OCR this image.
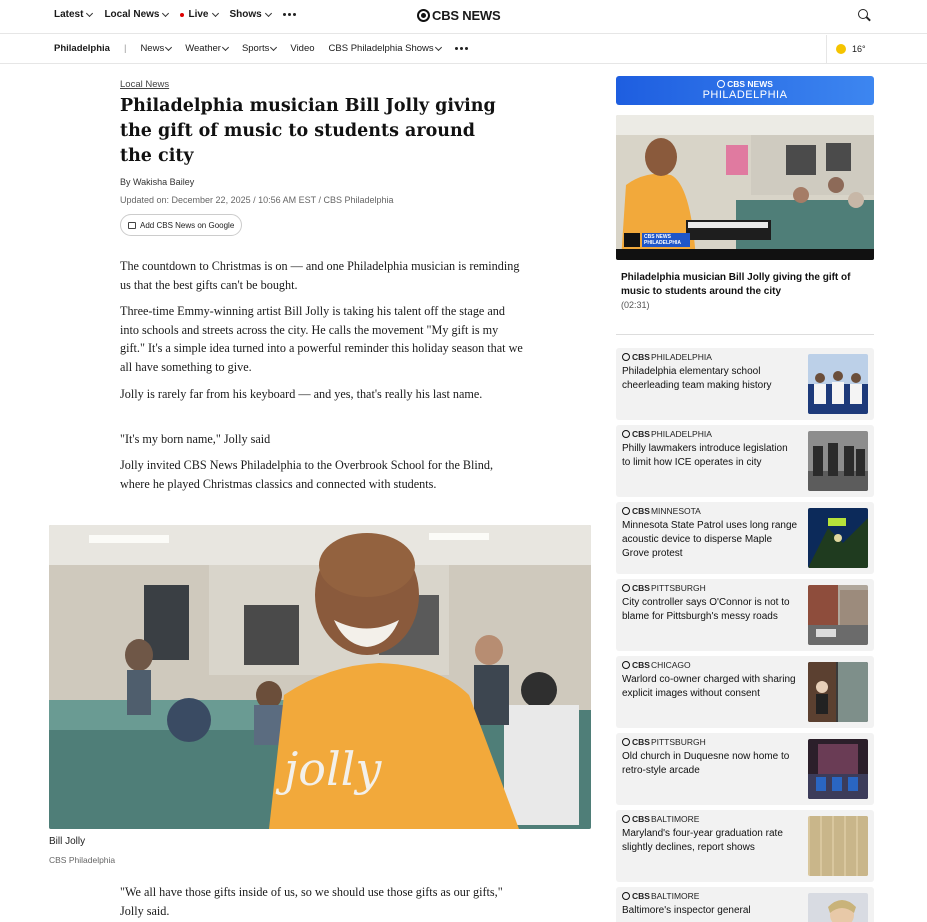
Latest Local News	Live Shows	CBS NEWS
Philadelphia | News Weather Sports Video CBS Philadelphia Shows	16°
Local News
Philadelphia musician Bill Jolly giving the gift of music to students around the city
By Wakisha Bailey
Updated on: December 22, 2025 / 10:56 AM EST / CBS Philadelphia
Add CBS News on Google

The countdown to Christmas is on — and one Philadelphia musician is reminding us that the best gifts can't be bought.

Three-time Emmy-winning artist Bill Jolly is taking his talent off the stage and into schools and streets across the city. He calls the movement "My gift is my gift." It's a simple idea turned into a powerful reminder this holiday season that we all have something to give.

Jolly is rarely far from his keyboard — and yes, that's really his last name.

"It's my born name," Jolly said

Jolly invited CBS News Philadelphia to the Overbrook School for the Blind, where he played Christmas classics and connected with students.

"We all have those gifts inside of us, so we should use those gifts as our gifts," Jolly said.

jolly
Bill Jolly
CBS Philadelphia
CBS NEWS
PHILADELPHIA
CBS NEWS PHILADELPHIA
Philadelphia musician Bill Jolly giving the gift of music to students around the city
(02:31)
CBS PHILADELPHIA
Philadelphia elementary school cheerleading team making history
CBS PHILADELPHIA
Philly lawmakers introduce legislation to limit how ICE operates in city
CBS MINNESOTA
Minnesota State Patrol uses long range acoustic device to disperse Maple Grove protest
CBS PITTSBURGH
City controller says O'Connor is not to blame for Pittsburgh's messy roads
CBS CHICAGO
Warlord co-owner charged with sharing explicit images without consent
CBS PITTSBURGH
Old church in Duquesne now home to retro-style arcade
CBS BALTIMORE
Maryland's four-year graduation rate slightly declines, report shows
CBS BALTIMORE
Baltimore's inspector general
